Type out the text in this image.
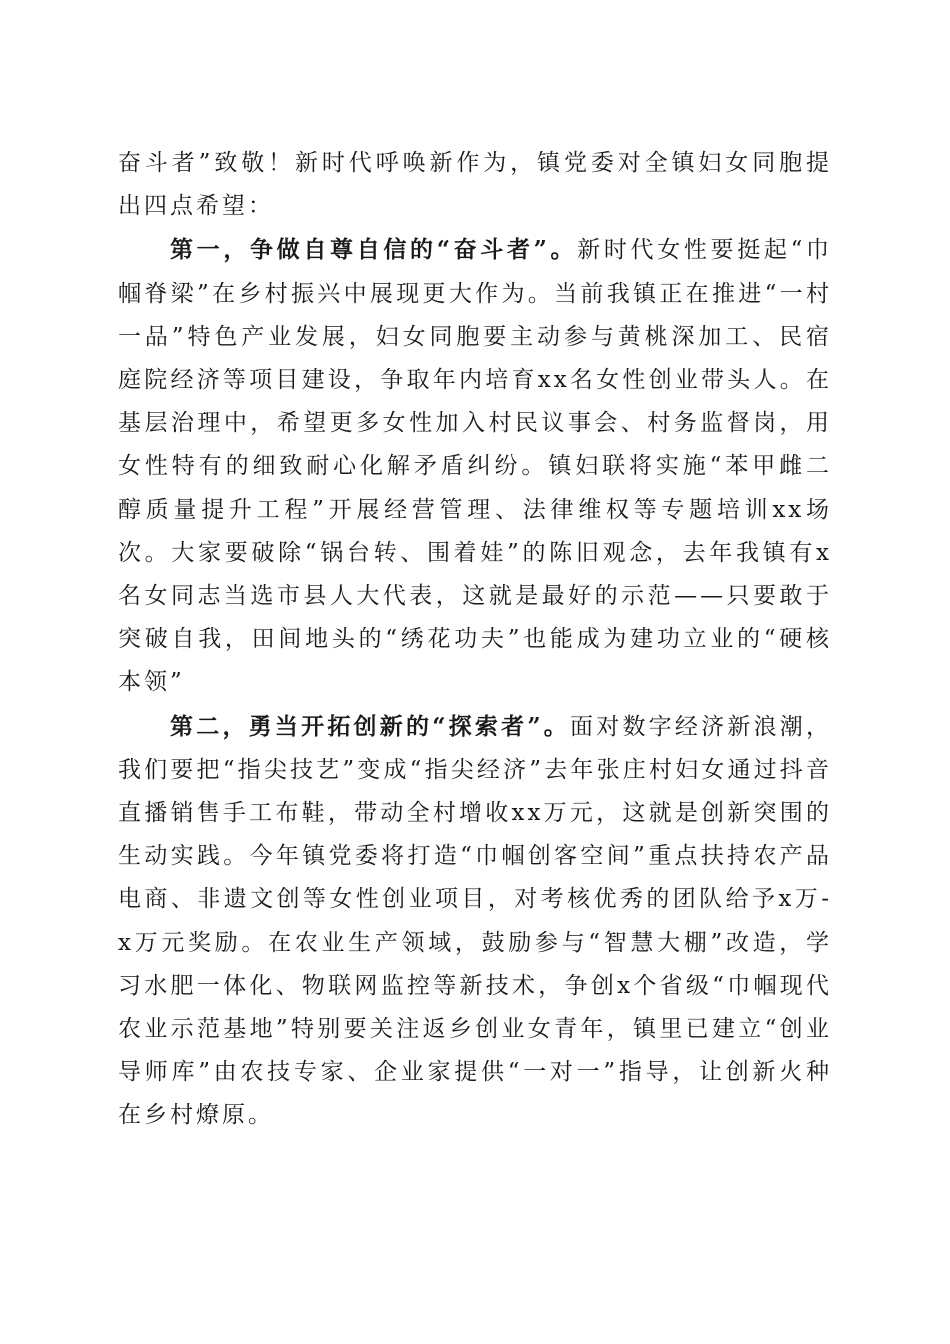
奋斗者”致敬！新时代呼唤新作为，镇党委对全镇妇女同胞提出四点希望：

第一，争做自尊自信的“奋斗者”。新时代女性要挺起“巾帼脊梁”在乡村振兴中展现更大作为。当前我镇正在推进“一村一品”特色产业发展，妇女同胞要主动参与黄桃深加工、民宿庭院经济等项目建设，争取年内培育xx名女性创业带头人。在基层治理中，希望更多女性加入村民议事会、村务监督岗，用女性特有的细致耐心化解矛盾纠纷。镇妇联将实施“苯甲雌二醇质量提升工程”开展经营管理、法律维权等专题培训xx场次。大家要破除“锅台转、围着娃”的陈旧观念，去年我镇有x名女同志当选市县人大代表，这就是最好的示范——只要敢于突破自我，田间地头的“绣花功夫”也能成为建功立业的“硬核本领”

第二，勇当开拓创新的“探索者”。面对数字经济新浪潮，我们要把“指尖技艺”变成“指尖经济”去年张庄村妇女通过抖音直播销售手工布鞋，带动全村增收xx万元，这就是创新突围的生动实践。今年镇党委将打造“巾帼创客空间”重点扶持农产品电商、非遗文创等女性创业项目，对考核优秀的团队给予x万-x万元奖励。在农业生产领域，鼓励参与“智慧大棚”改造，学习水肥一体化、物联网监控等新技术，争创x个省级“巾帼现代农业示范基地”特别要关注返乡创业女青年，镇里已建立“创业导师库”由农技专家、企业家提供“一对一”指导，让创新火种在乡村燎原。
